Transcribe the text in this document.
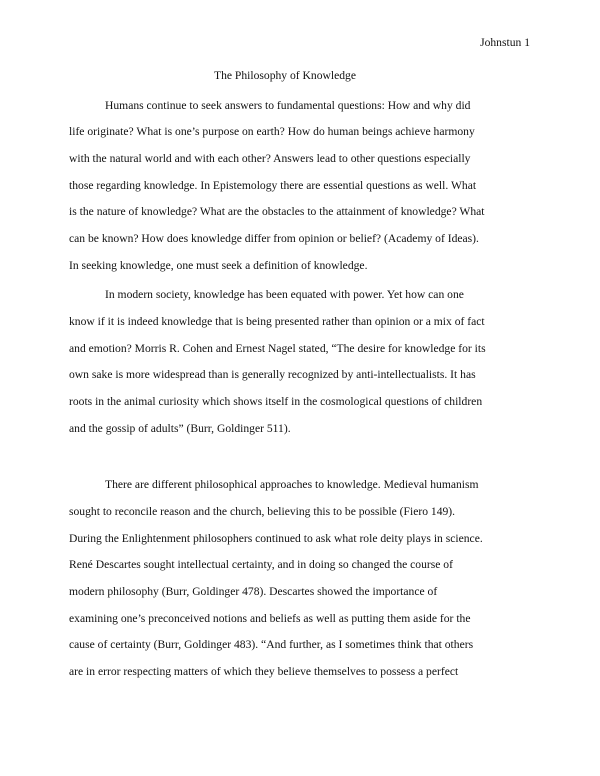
Johnstun 1
The Philosophy of Knowledge
Humans continue to seek answers to fundamental questions: How and why did
life originate? What is one’s purpose on earth? How do human beings achieve harmony
with the natural world and with each other? Answers lead to other questions especially
those regarding knowledge. In Epistemology there are essential questions as well. What
is the nature of knowledge? What are the obstacles to the attainment of knowledge? What
can be known? How does knowledge differ from opinion or belief? (Academy of Ideas).
In seeking knowledge, one must seek a definition of knowledge.
In modern society, knowledge has been equated with power. Yet how can one
know if it is indeed knowledge that is being presented rather than opinion or a mix of fact
and emotion? Morris R. Cohen and Ernest Nagel stated, “The desire for knowledge for its
own sake is more widespread than is generally recognized by anti-intellectualists. It has
roots in the animal curiosity which shows itself in the cosmological questions of children
and the gossip of adults” (Burr, Goldinger 511).
There are different philosophical approaches to knowledge. Medieval humanism
sought to reconcile reason and the church, believing this to be possible (Fiero 149).
During the Enlightenment philosophers continued to ask what role deity plays in science.
René Descartes sought intellectual certainty, and in doing so changed the course of
modern philosophy (Burr, Goldinger 478). Descartes showed the importance of
examining one’s preconceived notions and beliefs as well as putting them aside for the
cause of certainty (Burr, Goldinger 483). “And further, as I sometimes think that others
are in error respecting matters of which they believe themselves to possess a perfect
